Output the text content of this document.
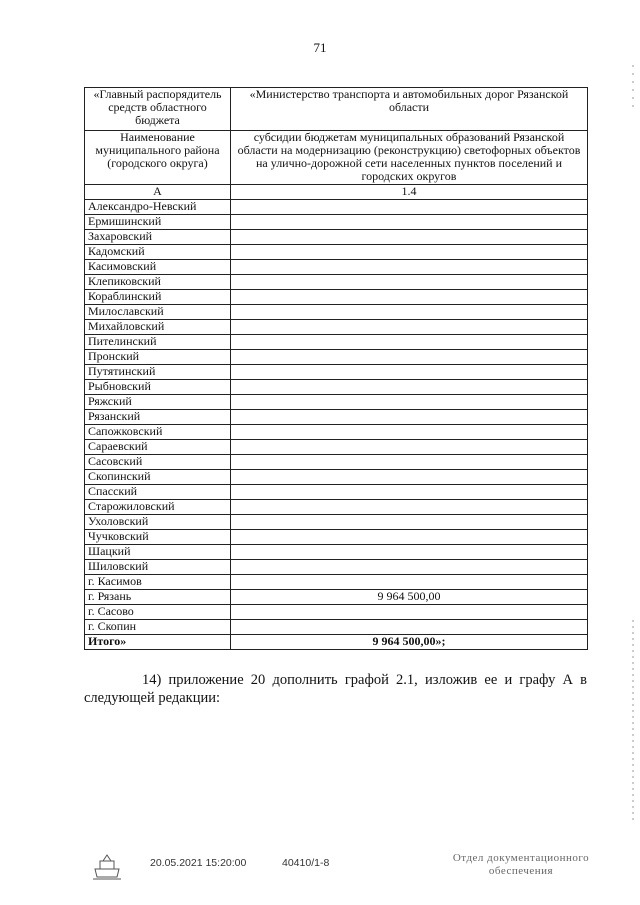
71
«Главный распорядитель средств областного бюджета	«Министерство транспорта и автомобильных дорог Рязанской области
Наименование муниципального района (городского округа)	субсидии бюджетам муниципальных образований Рязанской области на модернизацию (реконструкцию) светофорных объектов на улично-дорожной сети населенных пунктов поселений и городских округов
А	1.4
Александро-Невский	
Ермишинский	
Захаровский	
Кадомский	
Касимовский	
Клепиковский	
Кораблинский	
Милославский	
Михайловский	
Пителинский	
Пронский	
Путятинский	
Рыбновский	
Ряжский	
Рязанский	
Сапожковский	
Сараевский	
Сасовский	
Скопинский	
Спасский	
Старожиловский	
Ухоловский	
Чучковский	
Шацкий	
Шиловский	
г. Касимов	
г. Рязань	9 964 500,00
г. Сасово	
г. Скопин	
Итого»	9 964 500,00»;
14) приложение 20 дополнить графой 2.1, изложив ее и графу А в следующей редакции:
20.05.2021 15:20:00	40410/1-8	Отдел документационного обеспечения
